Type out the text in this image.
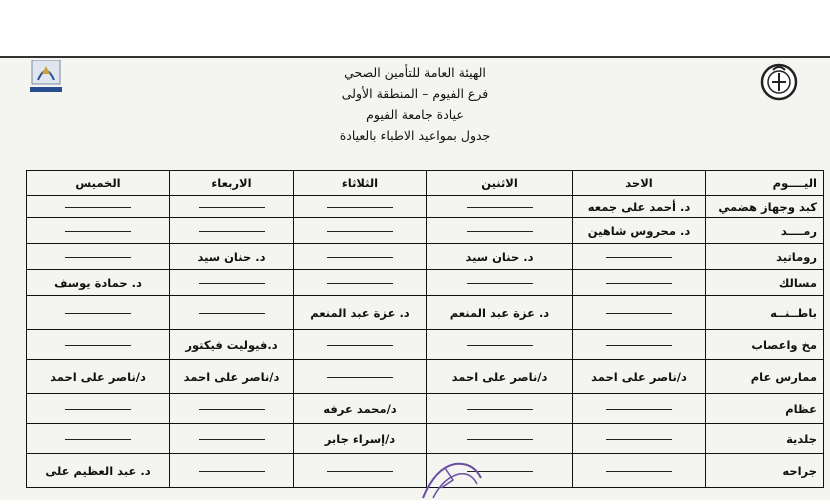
الهيئة العامة للتأمين الصحي
فرع الفيوم – المنطقة الأولى
عيادة جامعة الفيوم
جدول بمواعيد الاطباء بالعيادة
اليــــوم	الاحد	الاثنين	الثلاثاء	الاربعاء	الخميس
كبد وجهاز هضمي	د. أحمد على جمعه				
رمــــد	د. محروس شاهين				
روماتيد		د. حنان سيد		د. حنان سيد	
مسالك					د. حمادة يوسف
باطــنــه		د. عزة عبد المنعم	د. عزة عبد المنعم		
مخ واعصاب				د.فيوليت فيكتور	
ممارس عام	د/ناصر على احمد	د/ناصر على احمد		د/ناصر على احمد	د/ناصر على احمد
عظام			د/محمد عرفه		
جلدية			د/إسراء جابر		
جراحه					د. عبد العظيم على
